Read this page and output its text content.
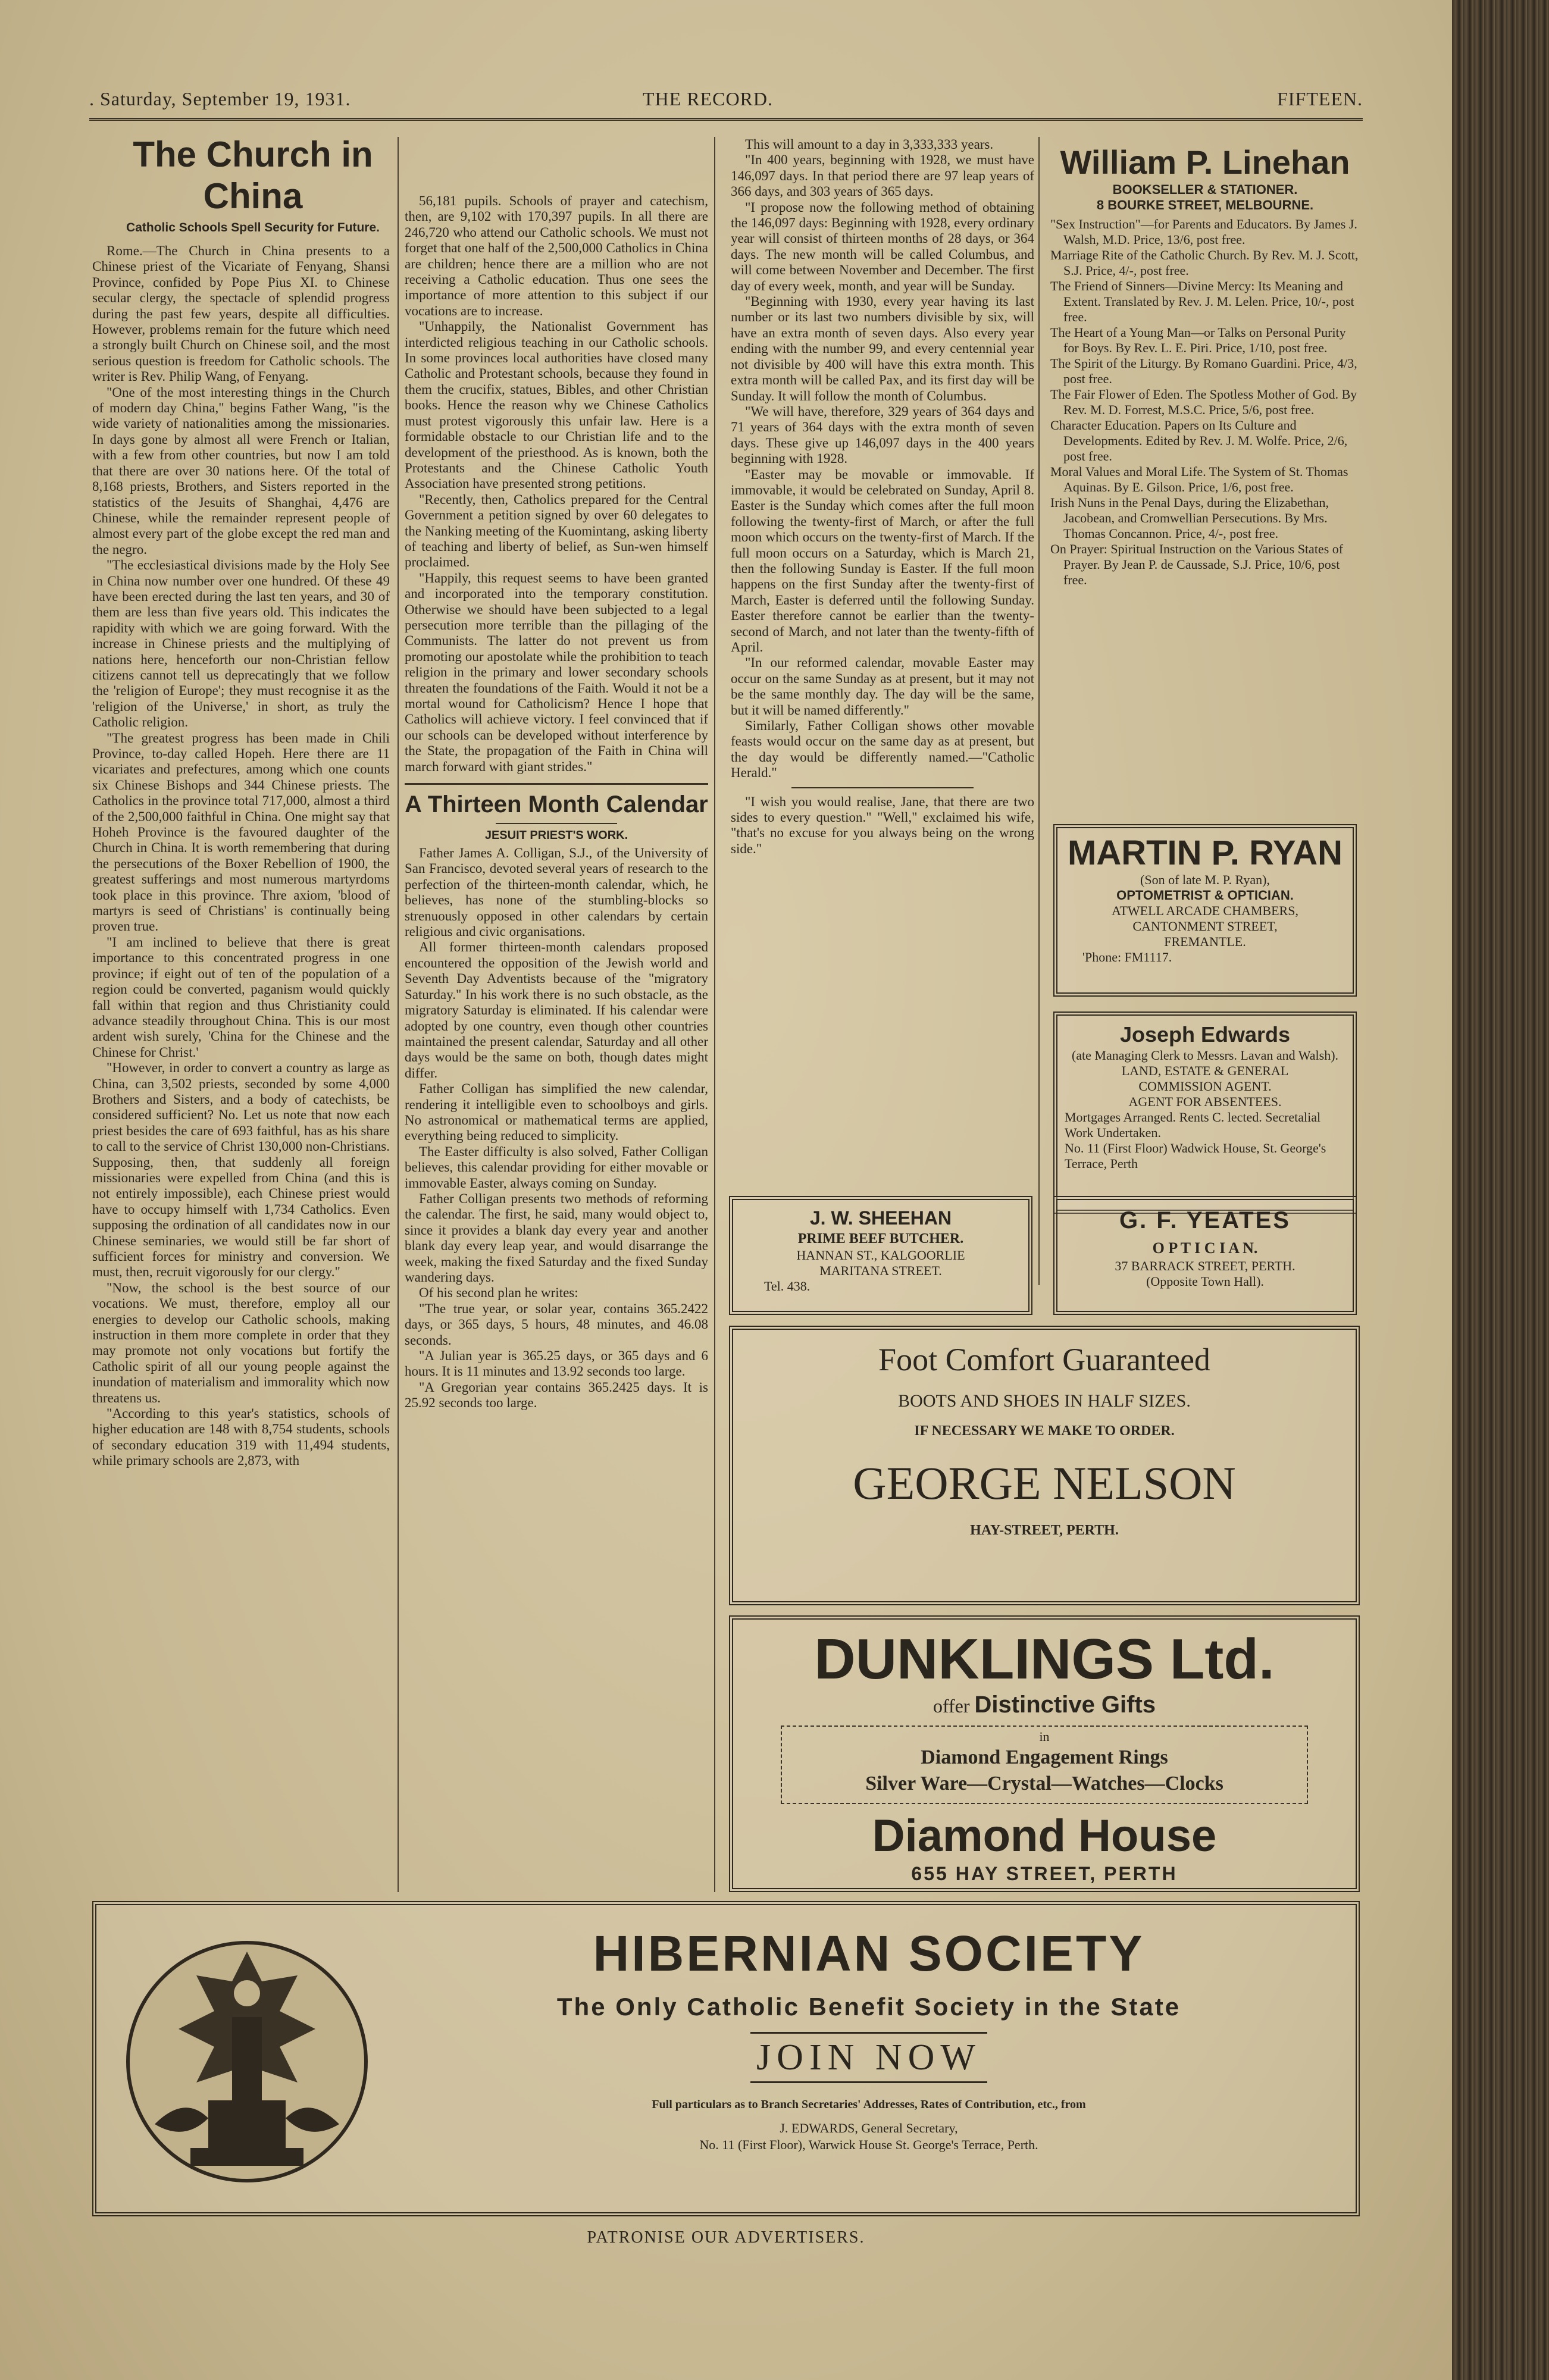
. Saturday, September 19, 1931.	THE RECORD.	FIFTEEN.
The Church in China
Catholic Schools Spell Security for Future.

Rome.—The Church in China presents to a Chinese priest of the Vicariate of Fenyang, Shansi Province, confided by Pope Pius XI. to Chinese secular clergy, the spectacle of splendid progress during the past few years, despite all difficulties. However, problems remain for the future which need a strongly built Church on Chinese soil, and the most serious question is freedom for Catholic schools. The writer is Rev. Philip Wang, of Fenyang.

"One of the most interesting things in the Church of modern day China," begins Father Wang, "is the wide variety of nationalities among the missionaries. In days gone by almost all were French or Italian, with a few from other countries, but now I am told that there are over 30 nations here. Of the total of 8,168 priests, Brothers, and Sisters reported in the statistics of the Jesuits of Shanghai, 4,476 are Chinese, while the remainder represent people of almost every part of the globe except the red man and the negro.

"The ecclesiastical divisions made by the Holy See in China now number over one hundred. Of these 49 have been erected during the last ten years, and 30 of them are less than five years old. This indicates the rapidity with which we are going forward. With the increase in Chinese priests and the multiplying of nations here, henceforth our non-Christian fellow citizens cannot tell us deprecatingly that we follow the 'religion of Europe'; they must recognise it as the 'religion of the Universe,' in short, as truly the Catholic religion.

"The greatest progress has been made in Chili Province, to-day called Hopeh. Here there are 11 vicariates and prefectures, among which one counts six Chinese Bishops and 344 Chinese priests. The Catholics in the province total 717,000, almost a third of the 2,500,000 faithful in China. One might say that Hoheh Province is the favoured daughter of the Church in China. It is worth remembering that during the persecutions of the Boxer Rebellion of 1900, the greatest sufferings and most numerous martyrdoms took place in this province. Thre axiom, 'blood of martyrs is seed of Christians' is continually being proven true.

"I am inclined to believe that there is great importance to this concentrated progress in one province; if eight out of ten of the population of a region could be converted, paganism would quickly fall within that region and thus Christianity could advance steadily throughout China. This is our most ardent wish surely, 'China for the Chinese and the Chinese for Christ.'

"However, in order to convert a country as large as China, can 3,502 priests, seconded by some 4,000 Brothers and Sisters, and a body of catechists, be considered sufficient? No. Let us note that now each priest besides the care of 693 faithful, has as his share to call to the service of Christ 130,000 non-Christians. Supposing, then, that suddenly all foreign missionaries were expelled from China (and this is not entirely impossible), each Chinese priest would have to occupy himself with 1,734 Catholics. Even supposing the ordination of all candidates now in our Chinese seminaries, we would still be far short of sufficient forces for ministry and conversion. We must, then, recruit vigorously for our clergy."

"Now, the school is the best source of our vocations. We must, therefore, employ all our energies to develop our Catholic schools, making instruction in them more complete in order that they may promote not only vocations but fortify the Catholic spirit of all our young people against the inundation of materialism and immorality which now threatens us.

"According to this year's statistics, schools of higher education are 148 with 8,754 students, schools of secondary education 319 with 11,494 students, while primary schools are 2,873, with

56,181 pupils. Schools of prayer and catechism, then, are 9,102 with 170,397 pupils. In all there are 246,720 who attend our Catholic schools. We must not forget that one half of the 2,500,000 Catholics in China are children; hence there are a million who are not receiving a Catholic education. Thus one sees the importance of more attention to this subject if our vocations are to increase.

"Unhappily, the Nationalist Government has interdicted religious teaching in our Catholic schools. In some provinces local authorities have closed many Catholic and Protestant schools, because they found in them the crucifix, statues, Bibles, and other Christian books. Hence the reason why we Chinese Catholics must protest vigorously this unfair law. Here is a formidable obstacle to our Christian life and to the development of the priesthood. As is known, both the Protestants and the Chinese Catholic Youth Association have presented strong petitions.

"Recently, then, Catholics prepared for the Central Government a petition signed by over 60 delegates to the Nanking meeting of the Kuomintang, asking liberty of teaching and liberty of belief, as Sun-wen himself proclaimed.

"Happily, this request seems to have been granted and incorporated into the temporary constitution. Otherwise we should have been subjected to a legal persecution more terrible than the pillaging of the Communists. The latter do not prevent us from promoting our apostolate while the prohibition to teach religion in the primary and lower secondary schools threaten the foundations of the Faith. Would it not be a mortal wound for Catholicism? Hence I hope that Catholics will achieve victory. I feel convinced that if our schools can be developed without interference by the State, the propagation of the Faith in China will march forward with giant strides."

A Thirteen Month Calendar
JESUIT PRIEST'S WORK.

Father James A. Colligan, S.J., of the University of San Francisco, devoted several years of research to the perfection of the thirteen-month calendar, which, he believes, has none of the stumbling-blocks so strenuously opposed in other calendars by certain religious and civic organisations.

All former thirteen-month calendars proposed encountered the opposition of the Jewish world and Seventh Day Adventists because of the "migratory Saturday." In his work there is no such obstacle, as the migratory Saturday is eliminated. If his calendar were adopted by one country, even though other countries maintained the present calendar, Saturday and all other days would be the same on both, though dates might differ.

Father Colligan has simplified the new calendar, rendering it intelligible even to schoolboys and girls. No astronomical or mathematical terms are applied, everything being reduced to simplicity.

The Easter difficulty is also solved, Father Colligan believes, this calendar providing for either movable or immovable Easter, always coming on Sunday.

Father Colligan presents two methods of reforming the calendar. The first, he said, many would object to, since it provides a blank day every year and another blank day every leap year, and would disarrange the week, making the fixed Saturday and the fixed Sunday wandering days.

Of his second plan he writes:

"The true year, or solar year, contains 365.2422 days, or 365 days, 5 hours, 48 minutes, and 46.08 seconds.

"A Julian year is 365.25 days, or 365 days and 6 hours. It is 11 minutes and 13.92 seconds too large.

"A Gregorian year contains 365.2425 days. It is 25.92 seconds too large.

This will amount to a day in 3,333,333 years.

"In 400 years, beginning with 1928, we must have 146,097 days. In that period there are 97 leap years of 366 days, and 303 years of 365 days.

"I propose now the following method of obtaining the 146,097 days: Beginning with 1928, every ordinary year will consist of thirteen months of 28 days, or 364 days. The new month will be called Columbus, and will come between November and December. The first day of every week, month, and year will be Sunday.

"Beginning with 1930, every year having its last number or its last two numbers divisible by six, will have an extra month of seven days. Also every year ending with the number 99, and every centennial year not divisible by 400 will have this extra month. This extra month will be called Pax, and its first day will be Sunday. It will follow the month of Columbus.

"We will have, therefore, 329 years of 364 days and 71 years of 364 days with the extra month of seven days. These give up 146,097 days in the 400 years beginning with 1928.

"Easter may be movable or immovable. If immovable, it would be celebrated on Sunday, April 8. Easter is the Sunday which comes after the full moon following the twenty-first of March, or after the full moon which occurs on the twenty-first of March. If the full moon occurs on a Saturday, which is March 21, then the following Sunday is Easter. If the full moon happens on the first Sunday after the twenty-first of March, Easter is deferred until the following Sunday. Easter therefore cannot be earlier than the twenty-second of March, and not later than the twenty-fifth of April.

"In our reformed calendar, movable Easter may occur on the same Sunday as at present, but it may not be the same monthly day. The day will be the same, but it will be named differently."

Similarly, Father Colligan shows other movable feasts would occur on the same day as at present, but the day would be differently named.—"Catholic Herald."

"I wish you would realise, Jane, that there are two sides to every question." "Well," exclaimed his wife, "that's no excuse for you always being on the wrong side."

William P. Linehan
BOOKSELLER & STATIONER.
8 BOURKE STREET, MELBOURNE.

"Sex Instruction"—for Parents and Educators. By James J. Walsh, M.D. Price, 13/6, post free.

Marriage Rite of the Catholic Church. By Rev. M. J. Scott, S.J. Price, 4/-, post free.

The Friend of Sinners—Divine Mercy: Its Meaning and Extent. Translated by Rev. J. M. Lelen. Price, 10/-, post free.

The Heart of a Young Man—or Talks on Personal Purity for Boys. By Rev. L. E. Piri. Price, 1/10, post free.

The Spirit of the Liturgy. By Romano Guardini. Price, 4/3, post free.

The Fair Flower of Eden. The Spotless Mother of God. By Rev. M. D. Forrest, M.S.C. Price, 5/6, post free.

Character Education. Papers on Its Culture and Developments. Edited by Rev. J. M. Wolfe. Price, 2/6, post free.

Moral Values and Moral Life. The System of St. Thomas Aquinas. By E. Gilson. Price, 1/6, post free.

Irish Nuns in the Penal Days, during the Elizabethan, Jacobean, and Cromwellian Persecutions. By Mrs. Thomas Concannon. Price, 4/-, post free.

On Prayer: Spiritual Instruction on the Various States of Prayer. By Jean P. de Caussade, S.J. Price, 10/6, post free.

MARTIN P. RYAN
(Son of late M. P. Ryan),
OPTOMETRIST & OPTICIAN.
ATWELL ARCADE CHAMBERS,
CANTONMENT STREET,
FREMANTLE.
'Phone: FM1117.
Joseph Edwards
(ate Managing Clerk to Messrs. Lavan and Walsh).
LAND, ESTATE & GENERAL
COMMISSION AGENT.
AGENT FOR ABSENTEES.
Mortgages Arranged. Rents C. lected. Secretalial Work Undertaken.
No. 11 (First Floor) Wadwick House, St. George's Terrace, Perth
J. W. SHEEHAN
PRIME BEEF BUTCHER.
HANNAN ST., KALGOORLIE
MARITANA STREET.
Tel. 438.
G. F. YEATES
O P T I C I A N.
37 BARRACK STREET, PERTH.
(Opposite Town Hall).
Foot Comfort Guaranteed
BOOTS AND SHOES IN HALF SIZES.
IF NECESSARY WE MAKE TO ORDER.
GEORGE NELSON
HAY-STREET, PERTH.
DUNKLINGS Ltd.
offer Distinctive Gifts
in
Diamond Engagement Rings
Silver Ware—Crystal—Watches—Clocks
Diamond House
655 HAY STREET, PERTH
HIBERNIAN SOCIETY
The Only Catholic Benefit Society in the State
JOIN NOW
Full particulars as to Branch Secretaries' Addresses, Rates of Contribution, etc., from
J. EDWARDS, General Secretary,
No. 11 (First Floor), Warwick House St. George's Terrace, Perth.
PATRONISE OUR ADVERTISERS.
